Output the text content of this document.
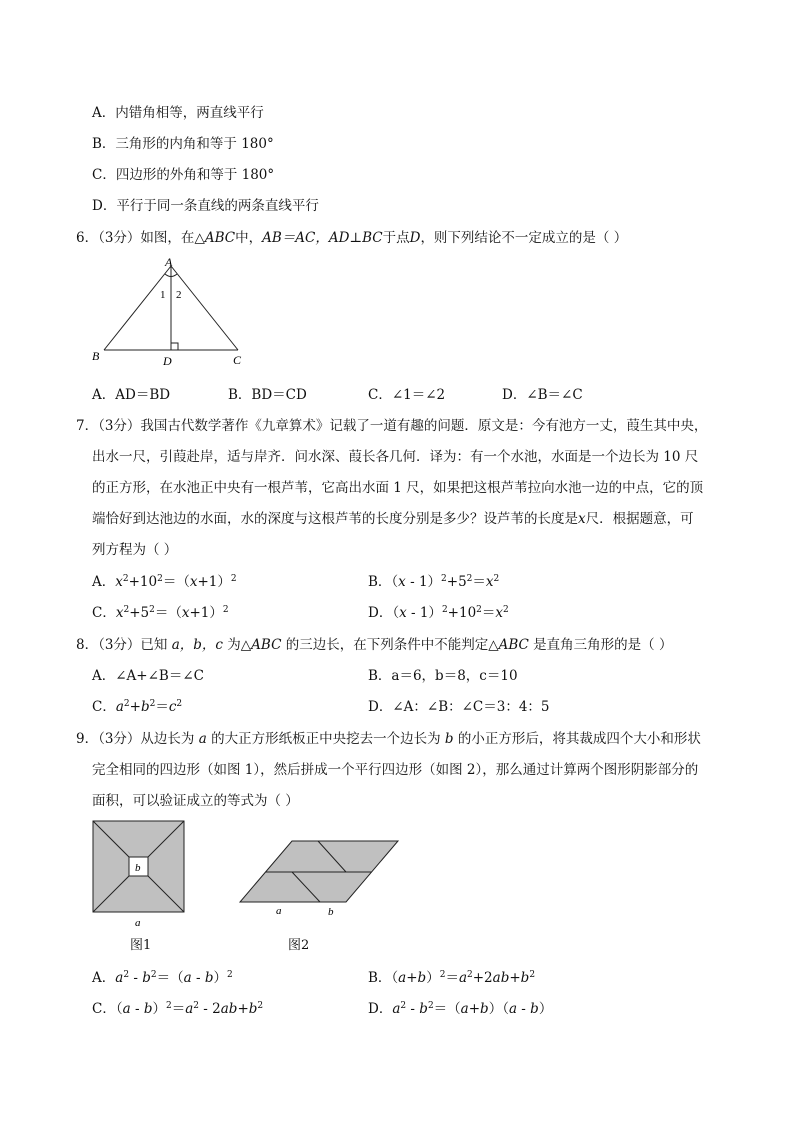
A．内错角相等，两直线平行
B．三角形的内角和等于 180°
C．四边形的外角和等于 180°
D．平行于同一条直线的两条直线平行
6．（3分）如图，在△ABC中，AB＝AC，AD⊥BC于点D，则下列结论不一定成立的是（ ）
A
B	C
D
1 2
A．AD＝BD	B．BD＝CD	C．∠1＝∠2	D．∠B＝∠C
7．（3分）我国古代数学著作《九章算术》记载了一道有趣的问题．原文是：今有池方一丈，葭生其中央，
出水一尺，引葭赴岸，适与岸齐．问水深、葭长各几何．译为：有一个水池，水面是一个边长为 10 尺
的正方形，在水池正中央有一根芦苇，它高出水面 1 尺，如果把这根芦苇拉向水池一边的中点，它的顶
端恰好到达池边的水面，水的深度与这根芦苇的长度分别是多少？设芦苇的长度是x尺．根据题意，可
列方程为（ ）
A．$x^2+10^2=(x+1)^2$	B．$(x - 1)^2+5^2=x^2$
C．$x^2+5^2=(x+1)^2$	D．$(x - 1)^2+10^2=x^2$
8．（3分）已知 a，b，c 为△ABC 的三边长，在下列条件中不能判定△ABC 是直角三角形的是（ ）
A．∠A+∠B＝∠C	B．a＝6，b＝8，c＝10
C．$a^2+b^2=c^2$	D．∠A：∠B：∠C＝3：4：5
9．（3分）从边长为 a 的大正方形纸板正中央挖去一个边长为 b 的小正方形后，将其裁成四个大小和形状
完全相同的四边形（如图 1），然后拼成一个平行四边形（如图 2），那么通过计算两个图形阴影部分的
面积，可以验证成立的等式为（ ）
b
a
图1
a	b
图2
A．$a^2 - b^2=(a - b)^2$	B．$(a+b)^2=a^2+2ab+b^2$
C．$(a - b)^2=a^2 - 2ab+b^2$	D．$a^2 - b^2=(a+b)(a - b)$
